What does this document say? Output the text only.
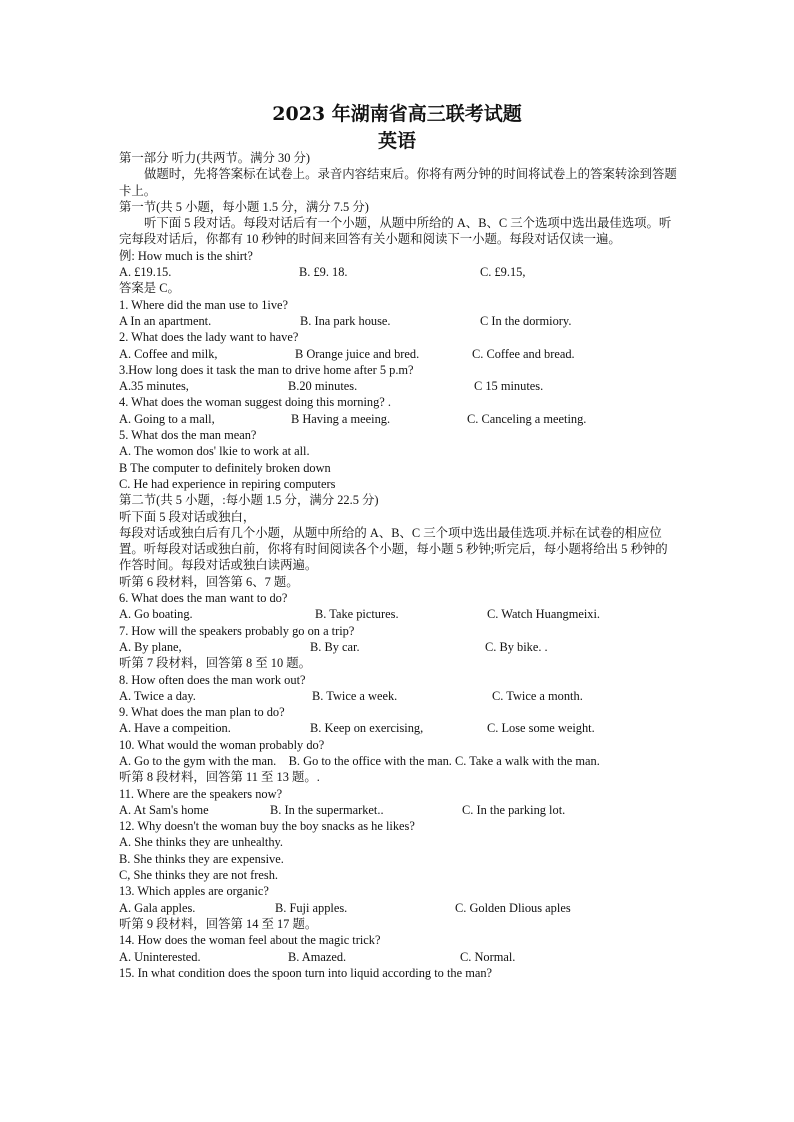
2023 年湖南省高三联考试题
英语
第一部分 听力(共两节。满分 30 分)
做题时，先将答案标在试卷上。录音内容结束后。你将有两分钟的时间将试卷上的答案转涂到答题卡上。
第一节(共 5 小题，每小题 1.5 分，满分 7.5 分)
听下面 5 段对话。每段对话后有一个小题，从题中所给的 A、B、C 三个选项中选出最佳选项。听完每段对话后，你都有 10 秒钟的时间来回答有关小题和阅读下一小题。每段对话仅读一遍。
例: How much is the shirt?
A. £19.15.	B. £9. 18.	C. £9.15,
答案是 C。
1. Where did the man use to 1ive?
A In an apartment.	B. Ina park house.	C In the dormiory.
2. What does the lady want to have?
A. Coffee and milk,	B Orange juice and bred.	C. Coffee and bread.
3.How long does it task the man to drive home after 5 p.m?
A.35 minutes,	B.20 minutes.	C 15 minutes.
4. What does the woman suggest doing this morning? .
A. Going to a mall,	B Having a meeing.	C. Canceling a meeting.
5. What dos the man mean?
A. The womon dos' lkie to work at all.
B The computer to definitely broken down
C. He had experience in repiring computers
第二节(共 5 小题，:每小题 1.5 分，满分 22.5 分)
听下面 5 段对话或独白，
每段对话或独白后有几个小题，从题中所给的 A、B、C 三个项中选出最佳选项.并标在试卷的相应位置。听每段对话或独白前，你将有时间阅读各个小题，每小题 5 秒钟;听完后，每小题将给出 5 秒钟的作答时间。每段对话或独白读两遍。
听第 6 段材料，回答第 6、7 题。
6. What does the man want to do?
A. Go boating.	B. Take pictures.	C. Watch Huangmeixi.
7. How will the speakers probably go on a trip?
A. By plane,	B. By car.	C. By bike. .
听第 7 段材料，回答第 8 至 10 题。
8. How often does the man work out?
A. Twice a day.	B. Twice a week.	C. Twice a month.
9. What does the man plan to do?
A. Have a compeition.	B. Keep on exercising,	C. Lose some weight.
10. What would the woman probably do?
A. Go to the gym with the man.    B. Go to the office with the man. C. Take a walk with the man.
听第 8 段材料，回答第 11 至 13 题。.
11. Where are the speakers now?
A. At Sam's home	B. In the supermarket..	C. In the parking lot.
12. Why doesn't the woman buy the boy snacks as he likes?
A. She thinks they are unhealthy.
B. She thinks they are expensive.
C, She thinks they are not fresh.
13. Which apples are organic?
A. Gala apples.	B. Fuji apples.	C. Golden Dlious aples
听第 9 段材料，回答第 14 至 17 题。
14. How does the woman feel about the magic trick?
A. Uninterested.	B. Amazed.	C. Normal.
15. In what condition does the spoon turn into liquid according to the man?
